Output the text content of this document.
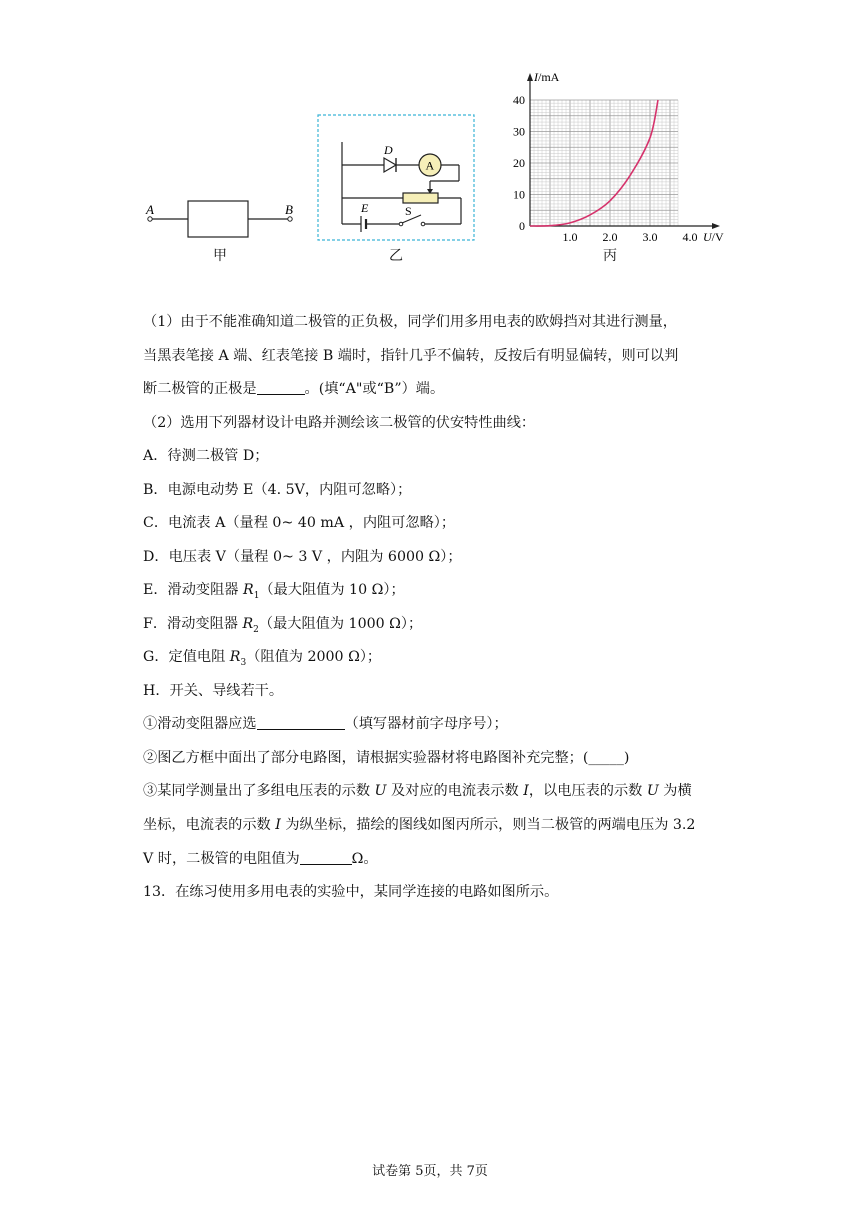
A	B
甲
D
A
E	S
乙
0
10
20
30
40
1.0 2.0 3.0 4.0
I/mA
U/V
丙
（1）由于不能准确知道二极管的正负极，同学们用多用电表的欧姆挡对其进行测量，
当黑表笔接 A 端、红表笔接 B 端时，指针几乎不偏转，反按后有明显偏转，则可以判
断二极管的正极是	。(填“A"或“B”）端。
（2）选用下列器材设计电路并测绘该二极管的伏安特性曲线：
A．待测二极管 D；
B．电源电动势 E（4. 5V，内阻可忽略）；
C．电流表 A（量程 0~ 40 mA ，内阻可忽略）；
D．电压表 V（量程 0~ 3 V ，内阻为 6000 Ω）；
E．滑动变阻器 $R_1$（最大阻值为 10 Ω）；
F．滑动变阻器 $R_2$（最大阻值为 1000 Ω）；
G．定值电阻 $R_3$（阻值为 2000 Ω）；
H．开关、导线若干。
①滑动变阻器应选	（填写器材前字母序号）；
②图乙方框中面出了部分电路图，请根据实验器材将电路图补充完整；(_____)
③某同学测量出了多组电压表的示数 U 及对应的电流表示数 I，以电压表的示数 U 为横
坐标，电流表的示数 I 为纵坐标，描绘的图线如图丙所示，则当二极管的两端电压为 3.2
V 时，二极管的电阻值为	Ω。
13．在练习使用多用电表的实验中，某同学连接的电路如图所示。
试卷第 5页，共 7页
